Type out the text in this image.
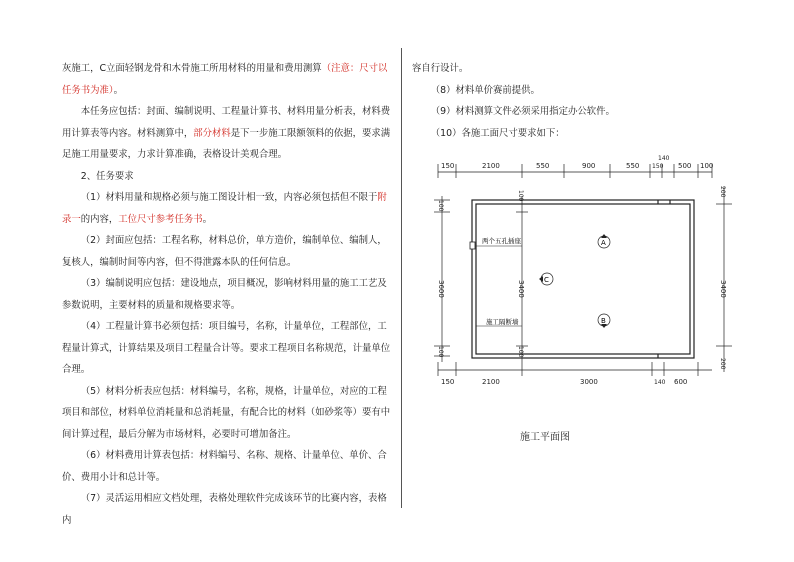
灰施工，C立面轻钢龙骨和木骨施工所用材料的用量和费用测算（注意：尺寸以任务书为准）。

本任务应包括：封面、编制说明、工程量计算书、材料用量分析表，材料费用计算表等内容。材料测算中，部分材料是下一步施工限额领料的依据，要求满足施工用量要求，力求计算准确，表格设计美观合理。

2、任务要求

（1）材料用量和规格必须与施工图设计相一致，内容必须包括但不限于附录一的内容，工位尺寸参考任务书。

（2）封面应包括：工程名称，材料总价，单方造价，编制单位、编制人，复核人，编制时间等内容，但不得泄露本队的任何信息。

（3）编制说明应包括：建设地点，项目概况，影响材料用量的施工工艺及参数说明，主要材料的质量和规格要求等。

（4）工程量计算书必须包括：项目编号，名称，计量单位，工程部位，工程量计算式，计算结果及项目工程量合计等。要求工程项目名称规范，计量单位合理。

（5）材料分析表应包括：材料编号，名称，规格，计量单位，对应的工程项目和部位，材料单位消耗量和总消耗量，有配合比的材料（如砂浆等）要有中间计算过程，最后分解为市场材料，必要时可增加备注。

（6）材料费用计算表包括：材料编号、名称、规格、计量单位、单价、合价、费用小计和总计等。

（7）灵活运用相应文档处理，表格处理软件完成该环节的比赛内容，表格内

容自行设计。

（8）材料单价赛前提供。

（9）材料测算文件必须采用指定办公软件。

（10）各施工面尺寸要求如下：

两个五孔插座
施工隔断墙
A
C
B
150	2100	550	900	550 150 500 100
140
150	2100	3000	140 600
3600
100
100
3400
100
100
200
3400
200
施工平面图
